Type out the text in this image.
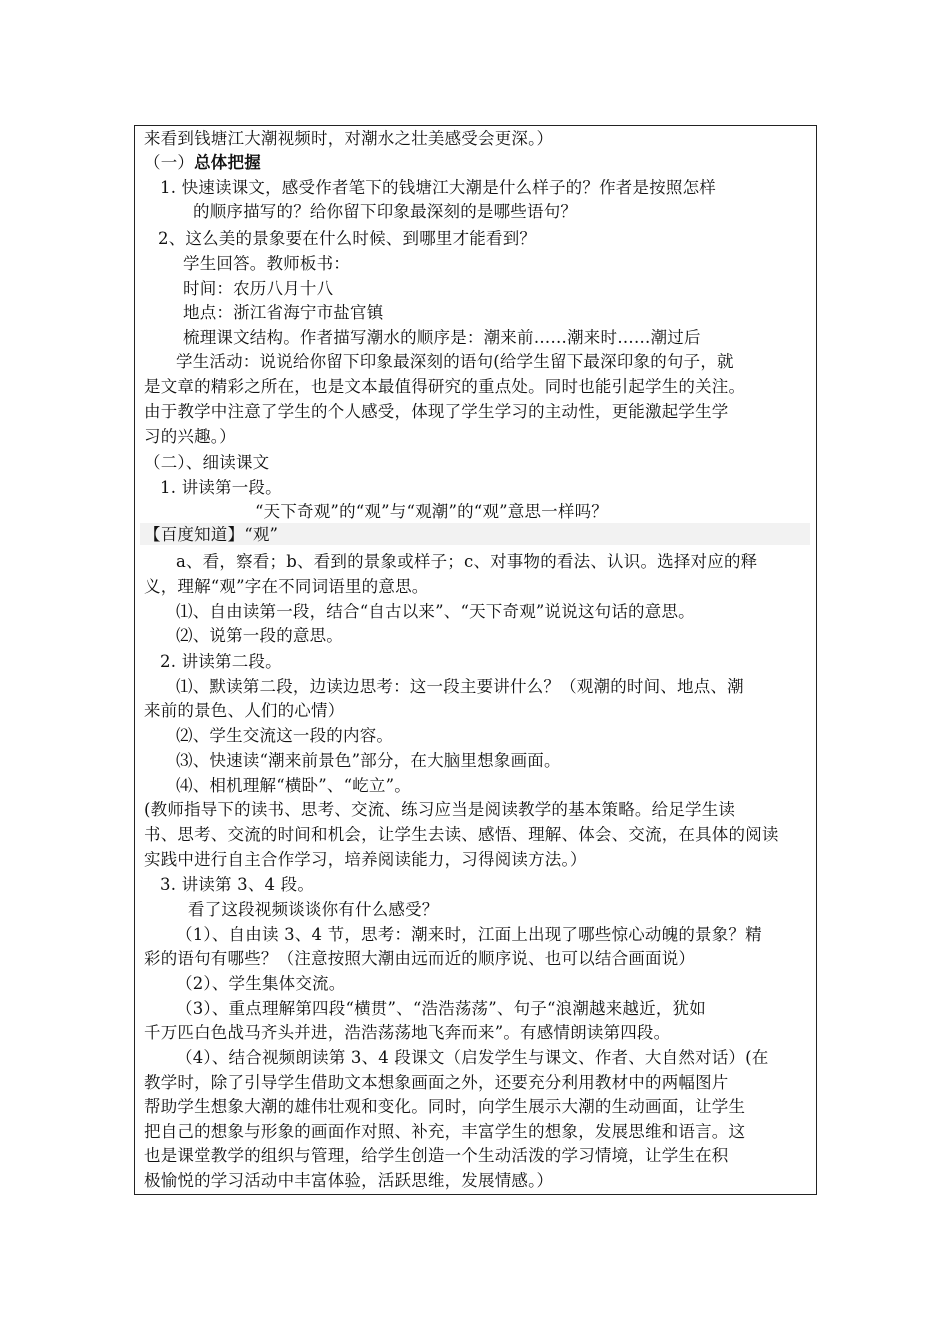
来看到钱塘江大潮视频时，对潮水之壮美感受会更深。）
（一）总体把握
1. 快速读课文，感受作者笔下的钱塘江大潮是什么样子的？作者是按照怎样
的顺序描写的？给你留下印象最深刻的是哪些语句？
2、这么美的景象要在什么时候、到哪里才能看到？
学生回答。教师板书：
时间：农历八月十八
地点：浙江省海宁市盐官镇
梳理课文结构。作者描写潮水的顺序是：潮来前……潮来时……潮过后
学生活动：说说给你留下印象最深刻的语句(给学生留下最深印象的句子，就
是文章的精彩之所在，也是文本最值得研究的重点处。同时也能引起学生的关注。
由于教学中注意了学生的个人感受，体现了学生学习的主动性，更能激起学生学
习的兴趣。）
（二）、细读课文
1. 讲读第一段。
“天下奇观”的“观”与“观潮”的“观”意思一样吗？
【百度知道】“观”
a、看，察看；b、看到的景象或样子；c、对事物的看法、认识。选择对应的释
义，理解“观”字在不同词语里的意思。
⑴、自由读第一段，结合“自古以来”、“天下奇观”说说这句话的意思。
⑵、说第一段的意思。
2. 讲读第二段。
⑴、默读第二段，边读边思考：这一段主要讲什么？（观潮的时间、地点、潮
来前的景色、人们的心情）
⑵、学生交流这一段的内容。
⑶、快速读“潮来前景色”部分，在大脑里想象画面。
⑷、相机理解“横卧”、“屹立”。
(教师指导下的读书、思考、交流、练习应当是阅读教学的基本策略。给足学生读
书、思考、交流的时间和机会，让学生去读、感悟、理解、体会、交流，在具体的阅读
实践中进行自主合作学习，培养阅读能力，习得阅读方法。）
3. 讲读第 3、4 段。
看了这段视频谈谈你有什么感受？
（1）、自由读 3、4 节，思考：潮来时，江面上出现了哪些惊心动魄的景象？精
彩的语句有哪些？（注意按照大潮由远而近的顺序说、也可以结合画面说）
（2）、学生集体交流。
（3）、重点理解第四段“横贯”、“浩浩荡荡”、句子“浪潮越来越近，犹如
千万匹白色战马齐头并进，浩浩荡荡地飞奔而来”。有感情朗读第四段。
（4）、结合视频朗读第 3、4 段课文（启发学生与课文、作者、大自然对话）(在
教学时，除了引导学生借助文本想象画面之外，还要充分利用教材中的两幅图片
帮助学生想象大潮的雄伟壮观和变化。同时，向学生展示大潮的生动画面，让学生
把自己的想象与形象的画面作对照、补充，丰富学生的想象，发展思维和语言。这
也是课堂教学的组织与管理，给学生创造一个生动活泼的学习情境，让学生在积
极愉悦的学习活动中丰富体验，活跃思维，发展情感。）
